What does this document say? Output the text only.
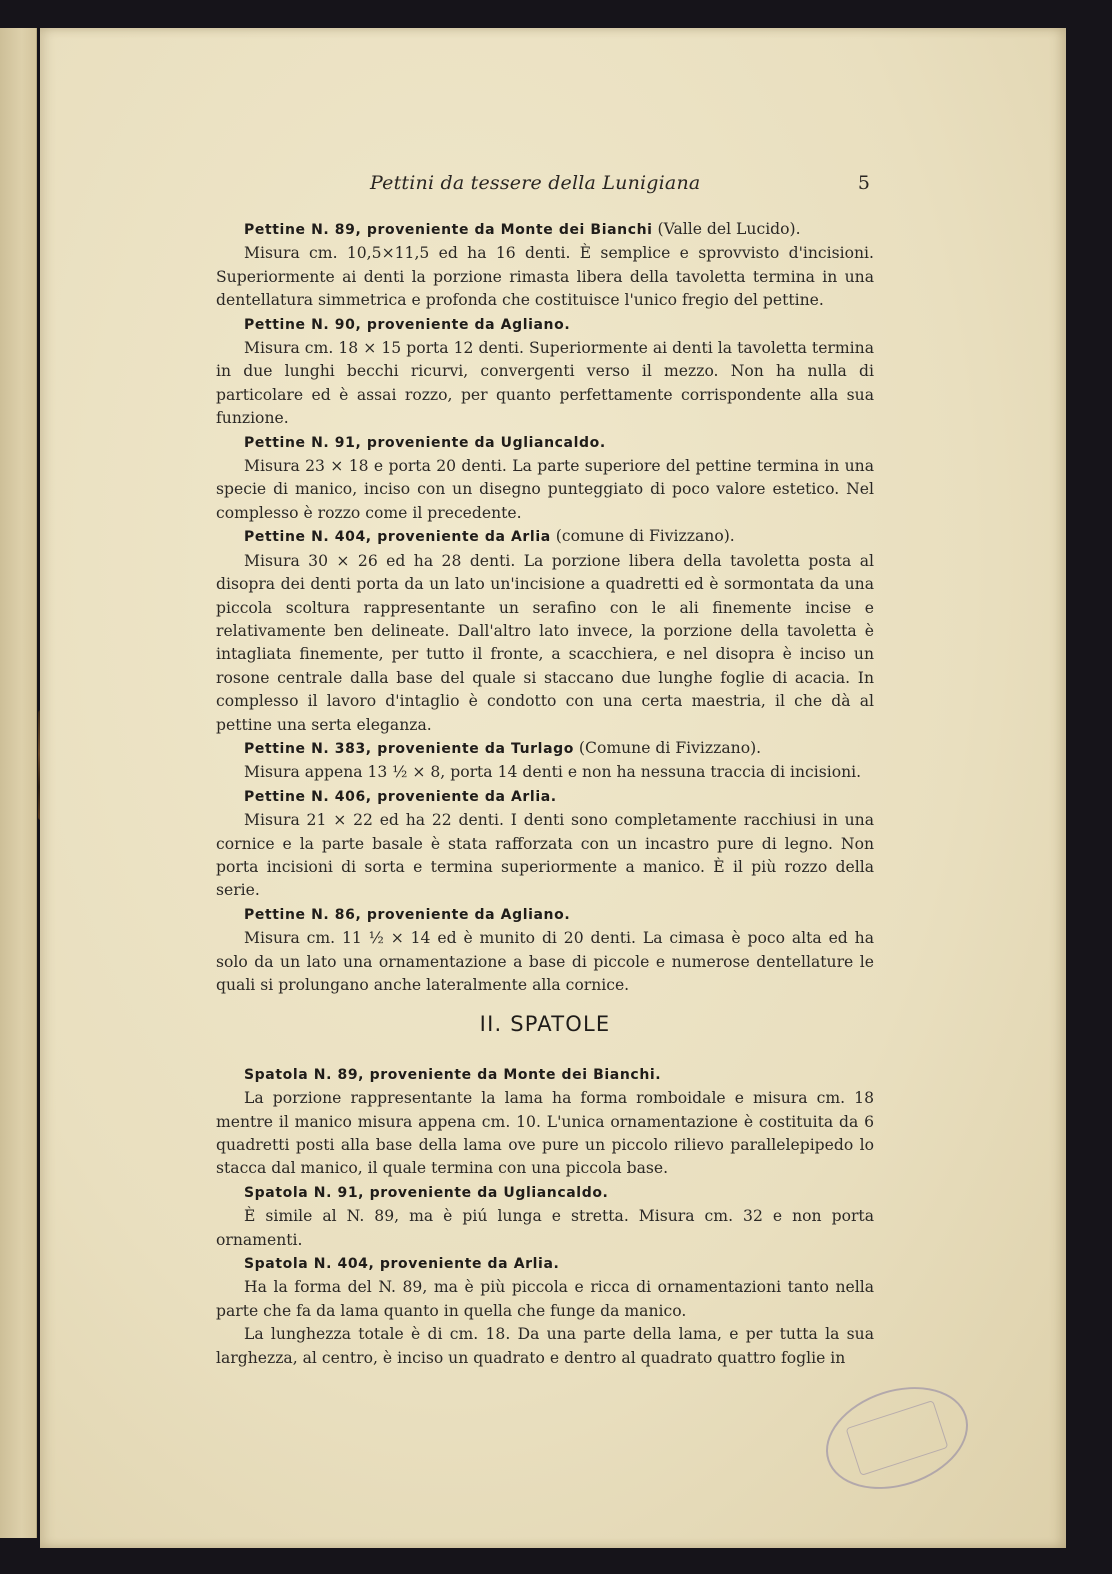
Pettini da tessere della Lunigiana	5

Pettine N. 89, proveniente da Monte dei Bianchi (Valle del Lucido).

Misura cm. 10,5×11,5 ed ha 16 denti. È semplice e sprovvisto d'incisioni. Superiormente ai denti la porzione rimasta libera della tavoletta termina in una dentellatura simmetrica e profonda che costituisce l'unico fregio del pettine.

Pettine N. 90, proveniente da Agliano.

Misura cm. 18 × 15 porta 12 denti. Superiormente ai denti la tavoletta termina in due lunghi becchi ricurvi, convergenti verso il mezzo. Non ha nulla di particolare ed è assai rozzo, per quanto perfettamente corrispondente alla sua funzione.

Pettine N. 91, proveniente da Ugliancaldo.

Misura 23 × 18 e porta 20 denti. La parte superiore del pettine termina in una specie di manico, inciso con un disegno punteggiato di poco valore estetico. Nel complesso è rozzo come il precedente.

Pettine N. 404, proveniente da Arlia (comune di Fivizzano).

Misura 30 × 26 ed ha 28 denti. La porzione libera della tavoletta posta al disopra dei denti porta da un lato un'incisione a quadretti ed è sormontata da una piccola scoltura rappresentante un serafino con le ali finemente incise e relativamente ben delineate. Dall'altro lato invece, la porzione della tavoletta è intagliata finemente, per tutto il fronte, a scacchiera, e nel disopra è inciso un rosone centrale dalla base del quale si staccano due lunghe foglie di acacia. In complesso il lavoro d'intaglio è condotto con una certa maestria, il che dà al pettine una serta eleganza.

Pettine N. 383, proveniente da Turlago (Comune di Fivizzano).

Misura appena 13 ½ × 8, porta 14 denti e non ha nessuna traccia di incisioni.

Pettine N. 406, proveniente da Arlia.

Misura 21 × 22 ed ha 22 denti. I denti sono completamente racchiusi in una cornice e la parte basale è stata rafforzata con un incastro pure di legno. Non porta incisioni di sorta e termina superiormente a manico. È il più rozzo della serie.

Pettine N. 86, proveniente da Agliano.

Misura cm. 11 ½ × 14 ed è munito di 20 denti. La cimasa è poco alta ed ha solo da un lato una ornamentazione a base di piccole e numerose dentellature le quali si prolungano anche lateralmente alla cornice.

II. SPATOLE

Spatola N. 89, proveniente da Monte dei Bianchi.

La porzione rappresentante la lama ha forma romboidale e misura cm. 18 mentre il manico misura appena cm. 10. L'unica ornamentazione è costituita da 6 quadretti posti alla base della lama ove pure un piccolo rilievo parallelepipedo lo stacca dal manico, il quale termina con una piccola base.

Spatola N. 91, proveniente da Ugliancaldo.

È simile al N. 89, ma è piú lunga e stretta. Misura cm. 32 e non porta ornamenti.

Spatola N. 404, proveniente da Arlia.

Ha la forma del N. 89, ma è più piccola e ricca di ornamentazioni tanto nella parte che fa da lama quanto in quella che funge da manico.

La lunghezza totale è di cm. 18. Da una parte della lama, e per tutta la sua larghezza, al centro, è inciso un quadrato e dentro al quadrato quattro foglie in
